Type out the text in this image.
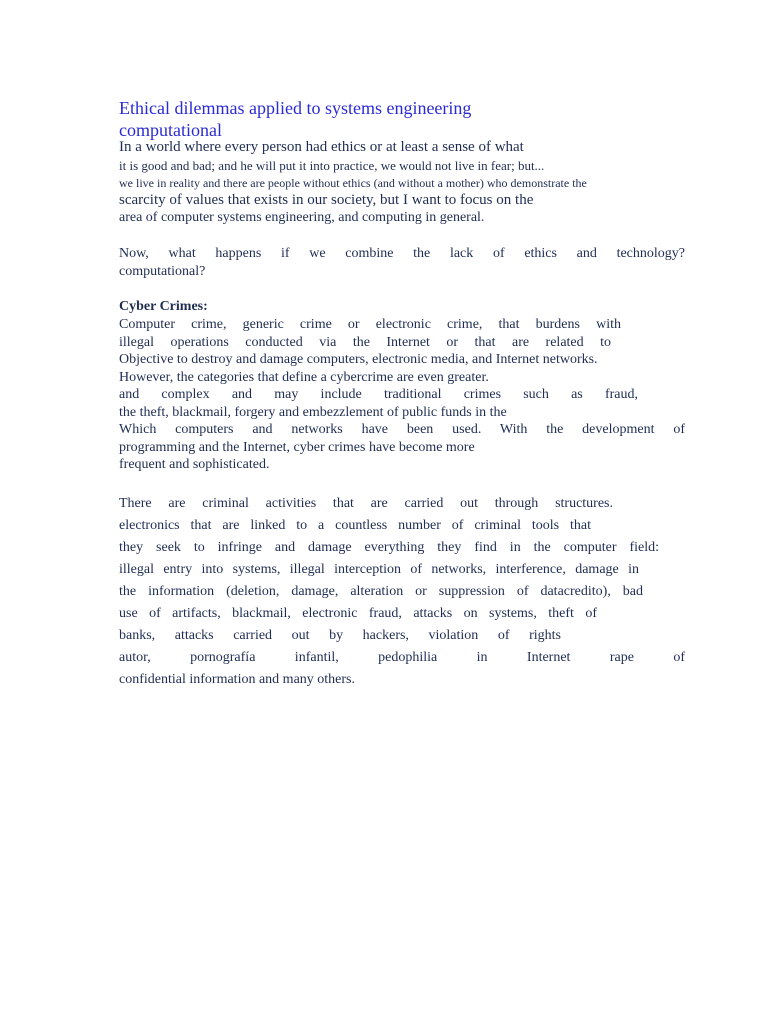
Ethical dilemmas applied to systems engineering
computational
In a world where every person had ethics or at least a sense of what
it is good and bad; and he will put it into practice, we would not live in fear; but...
we live in reality and there are people without ethics (and without a mother) who demonstrate the
scarcity of values that exists in our society, but I want to focus on the
area of computer systems engineering, and computing in general.
Now, what happens if we combine the lack of ethics and technology?
computational?
Cyber Crimes:
Computer crime, generic crime or electronic crime, that burdens with
illegal operations conducted via the Internet or that are related to
Objective to destroy and damage computers, electronic media, and Internet networks.
However, the categories that define a cybercrime are even greater.
and complex and may include traditional crimes such as fraud,
the theft, blackmail, forgery and embezzlement of public funds in the
Which computers and networks have been used. With the development of
programming and the Internet, cyber crimes have become more
frequent and sophisticated.
There are criminal activities that are carried out through structures.
electronics that are linked to a countless number of criminal tools that
they seek to infringe and damage everything they find in the computer field:
illegal entry into systems, illegal interception of networks, interference, damage in
the information (deletion, damage, alteration or suppression of datacredito), bad
use of artifacts, blackmail, electronic fraud, attacks on systems, theft of
banks, attacks carried out by hackers, violation of rights
autor, pornografía infantil, pedophilia in Internet rape of
confidential information and many others.
